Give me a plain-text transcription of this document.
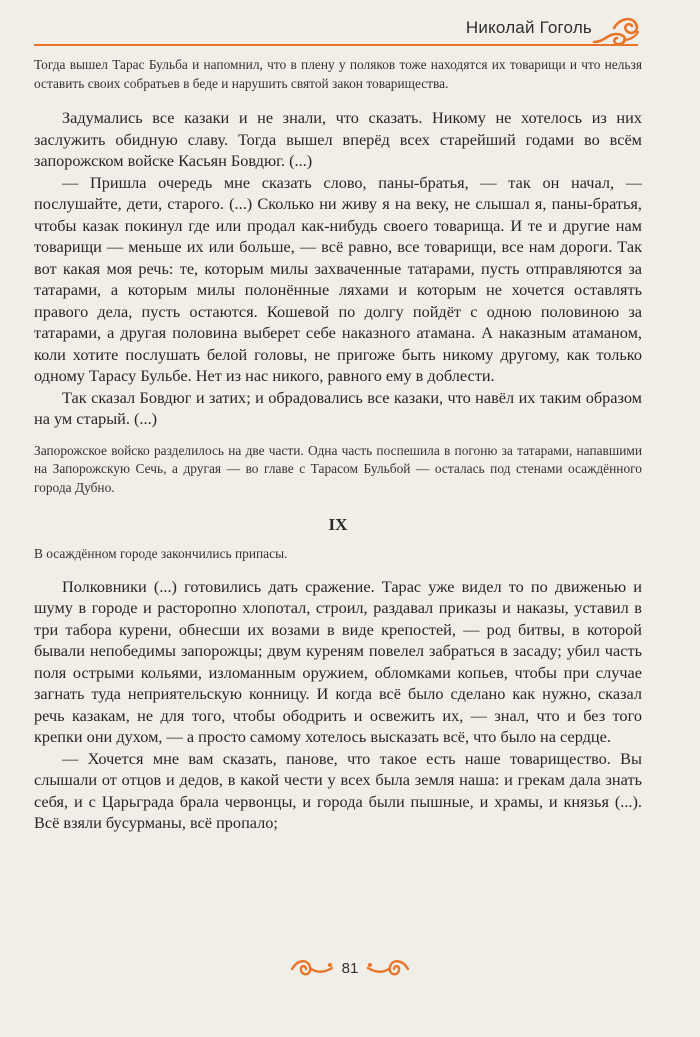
Николай Гоголь

Тогда вышел Тарас Бульба и напомнил, что в плену у поляков тоже находятся их товарищи и что нельзя оставить своих собратьев в беде и нарушить святой закон товарищества.

Задумались все казаки и не знали, что сказать. Никому не хотелось из них заслужить обидную славу. Тогда вышел вперёд всех старейший годами во всём запорожском войске Касьян Бовдюг. (...)

— Пришла очередь мне сказать слово, паны-братья, — так он начал, — послушайте, дети, старого. (...) Сколько ни живу я на веку, не слышал я, паны-братья, чтобы казак покинул где или продал как-нибудь своего товарища. И те и другие нам товарищи — меньше их или больше, — всё равно, все товарищи, все нам дороги. Так вот какая моя речь: те, которым милы захваченные татарами, пусть отправляются за татарами, а которым милы полонённые ляхами и которым не хочется оставлять правого дела, пусть остаются. Кошевой по долгу пойдёт с одною половиною за татарами, а другая половина выберет себе наказного атамана. А наказным атаманом, коли хотите послушать белой головы, не пригоже быть никому другому, как только одному Тарасу Бульбе. Нет из нас никого, равного ему в доблести.

Так сказал Бовдюг и затих; и обрадовались все казаки, что навёл их таким образом на ум старый. (...)

Запорожское войско разделилось на две части. Одна часть поспешила в погоню за татарами, напавшими на Запорожскую Сечь, а другая — во главе с Тарасом Бульбой — осталась под стенами осаждённого города Дубно.

IX

В осаждённом городе закончились припасы.

Полковники (...) готовились дать сражение. Тарас уже видел то по движенью и шуму в городе и расторопно хлопотал, строил, раздавал приказы и наказы, уставил в три табора курени, обнесши их возами в виде крепостей, — род битвы, в которой бывали непобедимы запорожцы; двум куреням повелел забраться в засаду; убил часть поля острыми кольями, изломанным оружием, обломками копьев, чтобы при случае загнать туда неприятельскую конницу. И когда всё было сделано как нужно, сказал речь казакам, не для того, чтобы ободрить и освежить их, — знал, что и без того крепки они духом, — а просто самому хотелось высказать всё, что было на сердце.

— Хочется мне вам сказать, панове, что такое есть наше товарищество. Вы слышали от отцов и дедов, в какой чести у всех была земля наша: и грекам дала знать себя, и с Царьграда брала червонцы, и города были пышные, и храмы, и князья (...). Всё взяли бусурманы, всё пропало;

81
